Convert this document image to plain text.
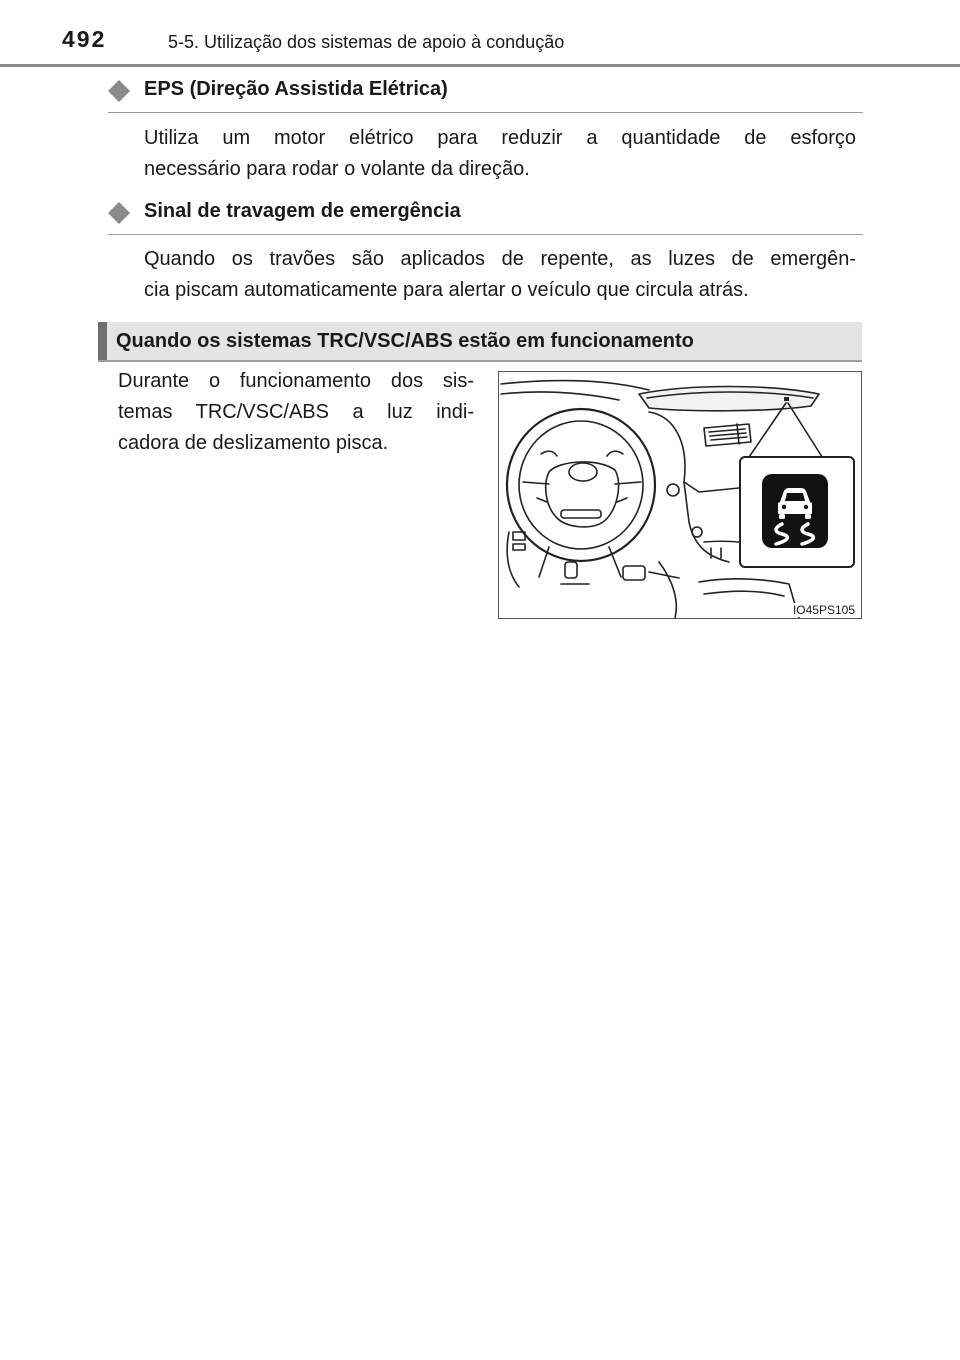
492	5-5. Utilização dos sistemas de apoio à condução
EPS (Direção Assistida Elétrica)
Utiliza um motor elétrico para reduzir a quantidade de esforço
necessário para rodar o volante da direção.
Sinal de travagem de emergência
Quando os travões são aplicados de repente, as luzes de emergên-
cia piscam automaticamente para alertar o veículo que circula atrás.
Quando os sistemas TRC/VSC/ABS estão em funcionamento
Durante o funcionamento dos sis-
temas TRC/VSC/ABS a luz indi-
cadora de deslizamento pisca.
IO45PS105
